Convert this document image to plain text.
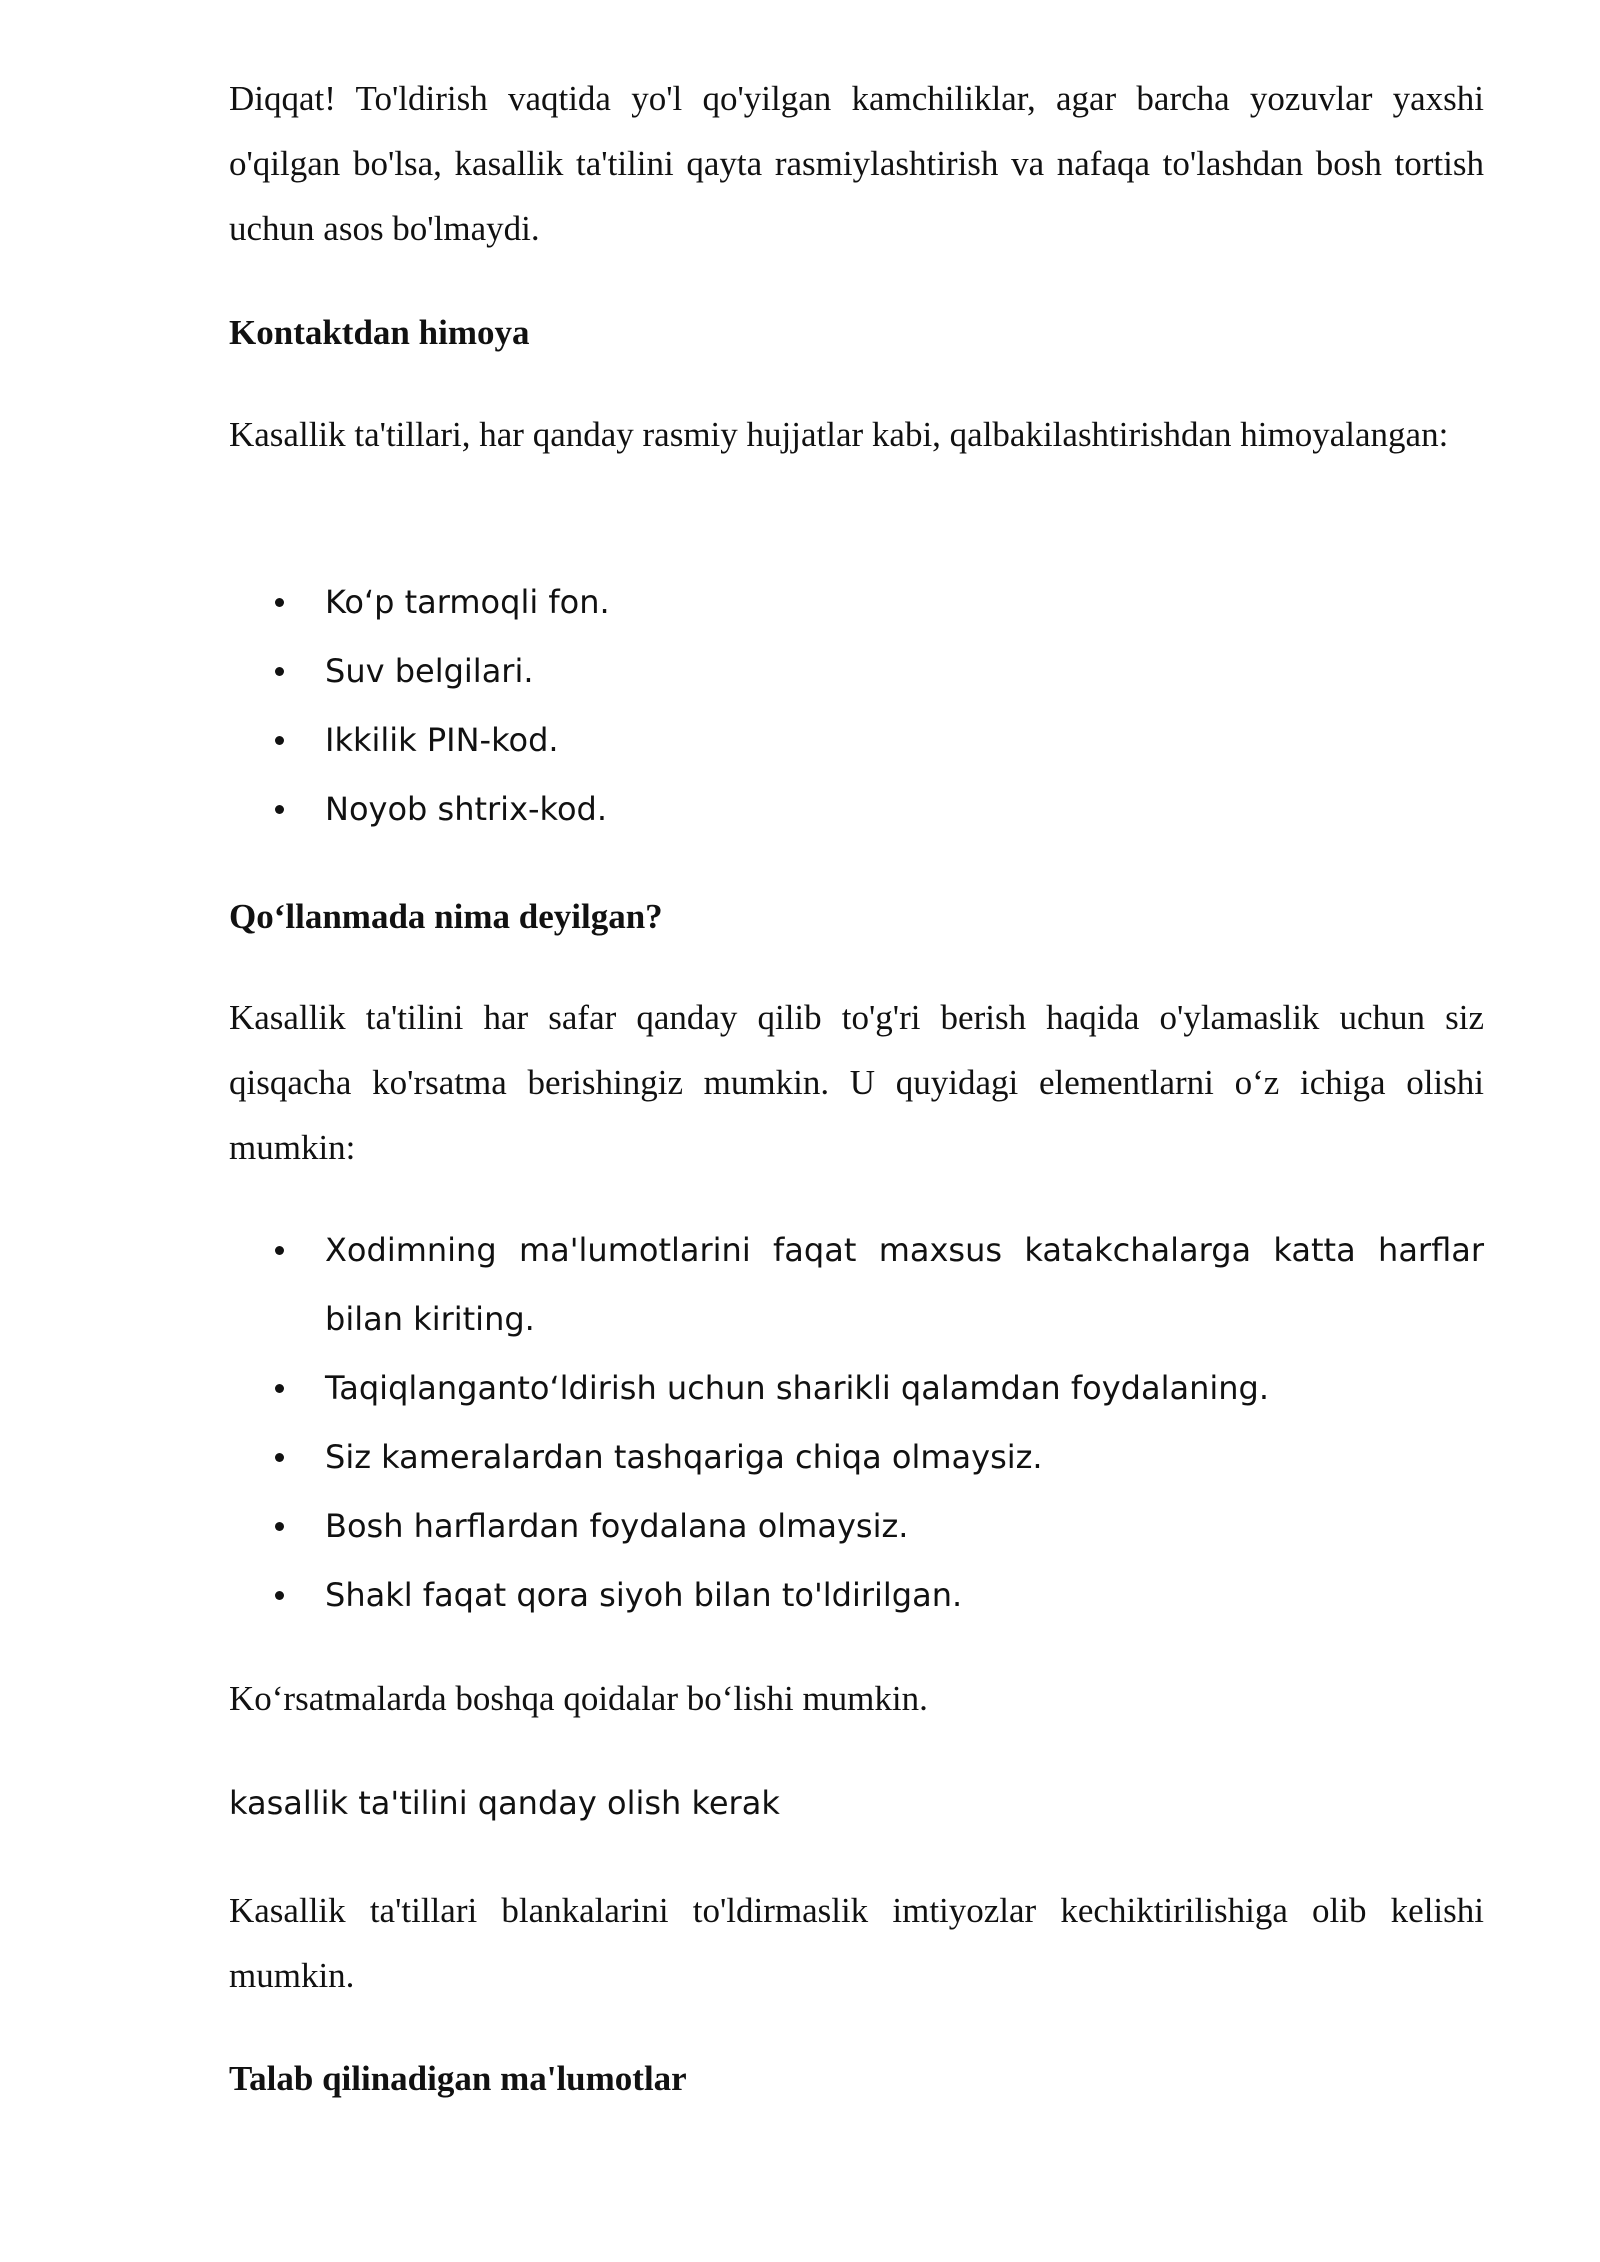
Diqqat! To'ldirish vaqtida yo'l qo'yilgan kamchiliklar, agar barcha yozuvlar yaxshi o'qilgan bo'lsa, kasallik ta'tilini qayta rasmiylashtirish va nafaqa to'lashdan bosh tortish uchun asos bo'lmaydi.

Kontaktdan himoya

Kasallik ta'tillari, har qanday rasmiy hujjatlar kabi, qalbakilashtirishdan himoyalangan:

Ko‘p tarmoqli fon.
Suv belgilari.
Ikkilik PIN-kod.
Noyob shtrix-kod.

Qo‘llanmada nima deyilgan?

Kasallik ta'tilini har safar qanday qilib to'g'ri berish haqida o'ylamaslik uchun siz qisqacha ko'rsatma berishingiz mumkin. U quyidagi elementlarni o‘z ichiga olishi mumkin:

Xodimning ma'lumotlarini faqat maxsus katakchalarga katta harflar bilan kiriting.
Taqiqlanganto‘ldirish uchun sharikli qalamdan foydalaning.
Siz kameralardan tashqariga chiqa olmaysiz.
Bosh harflardan foydalana olmaysiz.
Shakl faqat qora siyoh bilan to'ldirilgan.

Ko‘rsatmalarda boshqa qoidalar bo‘lishi mumkin.

kasallik ta'tilini qanday olish kerak

Kasallik ta'tillari blankalarini to'ldirmaslik imtiyozlar kechiktirilishiga olib kelishi mumkin.

Talab qilinadigan ma'lumotlar
